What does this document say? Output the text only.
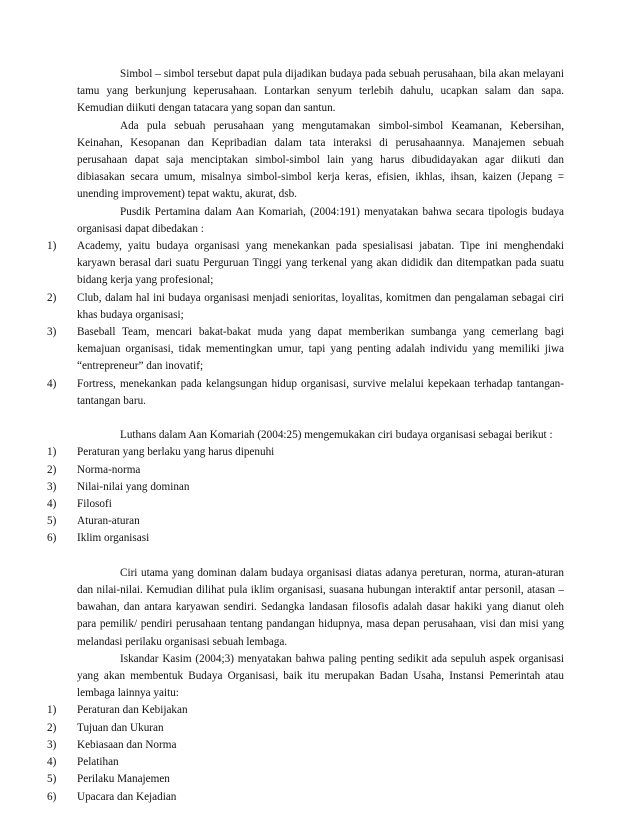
Simbol – simbol tersebut dapat pula dijadikan budaya pada sebuah perusahaan, bila akan melayani tamu yang berkunjung keperusahaan. Lontarkan senyum terlebih dahulu, ucapkan salam dan sapa. Kemudian diikuti dengan tatacara yang sopan dan santun.

Ada pula sebuah perusahaan yang mengutamakan simbol-simbol Keamanan, Kebersihan, Keinahan, Kesopanan dan Kepribadian dalam tata interaksi di perusahaannya. Manajemen sebuah perusahaan dapat saja menciptakan simbol-simbol lain yang harus dibudidayakan agar diikuti dan dibiasakan secara umum, misalnya simbol-simbol kerja keras, efisien, ikhlas, ihsan, kaizen (Jepang = unending improvement) tepat waktu, akurat, dsb.

Pusdik Pertamina dalam Aan Komariah, (2004:191) menyatakan bahwa secara tipologis budaya organisasi dapat dibedakan :

1) Academy, yaitu budaya organisasi yang menekankan pada spesialisasi jabatan. Tipe ini menghendaki karyawn berasal dari suatu Perguruan Tinggi yang terkenal yang akan dididik dan ditempatkan pada suatu bidang kerja yang profesional;
2) Club, dalam hal ini budaya organisasi menjadi senioritas, loyalitas, komitmen dan pengalaman sebagai ciri khas budaya organisasi;
3) Baseball Team, mencari bakat-bakat muda yang dapat memberikan sumbanga yang cemerlang bagi kemajuan organisasi, tidak mementingkan umur, tapi yang penting adalah individu yang memiliki jiwa “entrepreneur” dan inovatif;
4) Fortress, menekankan pada kelangsungan hidup organisasi, survive melalui kepekaan terhadap tantangan-tantangan baru.

Luthans dalam Aan Komariah (2004:25) mengemukakan ciri budaya organisasi sebagai berikut :

1) Peraturan yang berlaku yang harus dipenuhi
2) Norma-norma
3) Nilai-nilai yang dominan
4) Filosofi
5) Aturan-aturan
6) Iklim organisasi

Ciri utama yang dominan dalam budaya organisasi diatas adanya pereturan, norma, aturan-aturan dan nilai-nilai. Kemudian dilihat pula iklim organisasi, suasana hubungan interaktif antar personil, atasan – bawahan, dan antara karyawan sendiri. Sedangka landasan filosofis adalah dasar hakiki yang dianut oleh para pemilik/ pendiri perusahaan tentang pandangan hidupnya, masa depan perusahaan, visi dan misi yang melandasi perilaku organisasi sebuah lembaga.

Iskandar Kasim (2004;3) menyatakan bahwa paling penting sedikit ada sepuluh aspek organisasi yang akan membentuk Budaya Organisasi, baik itu merupakan Badan Usaha, Instansi Pemerintah atau lembaga lainnya yaitu:

1) Peraturan dan Kebijakan
2) Tujuan dan Ukuran
3) Kebiasaan dan Norma
4) Pelatihan
5) Perilaku Manajemen
6) Upacara dan Kejadian
